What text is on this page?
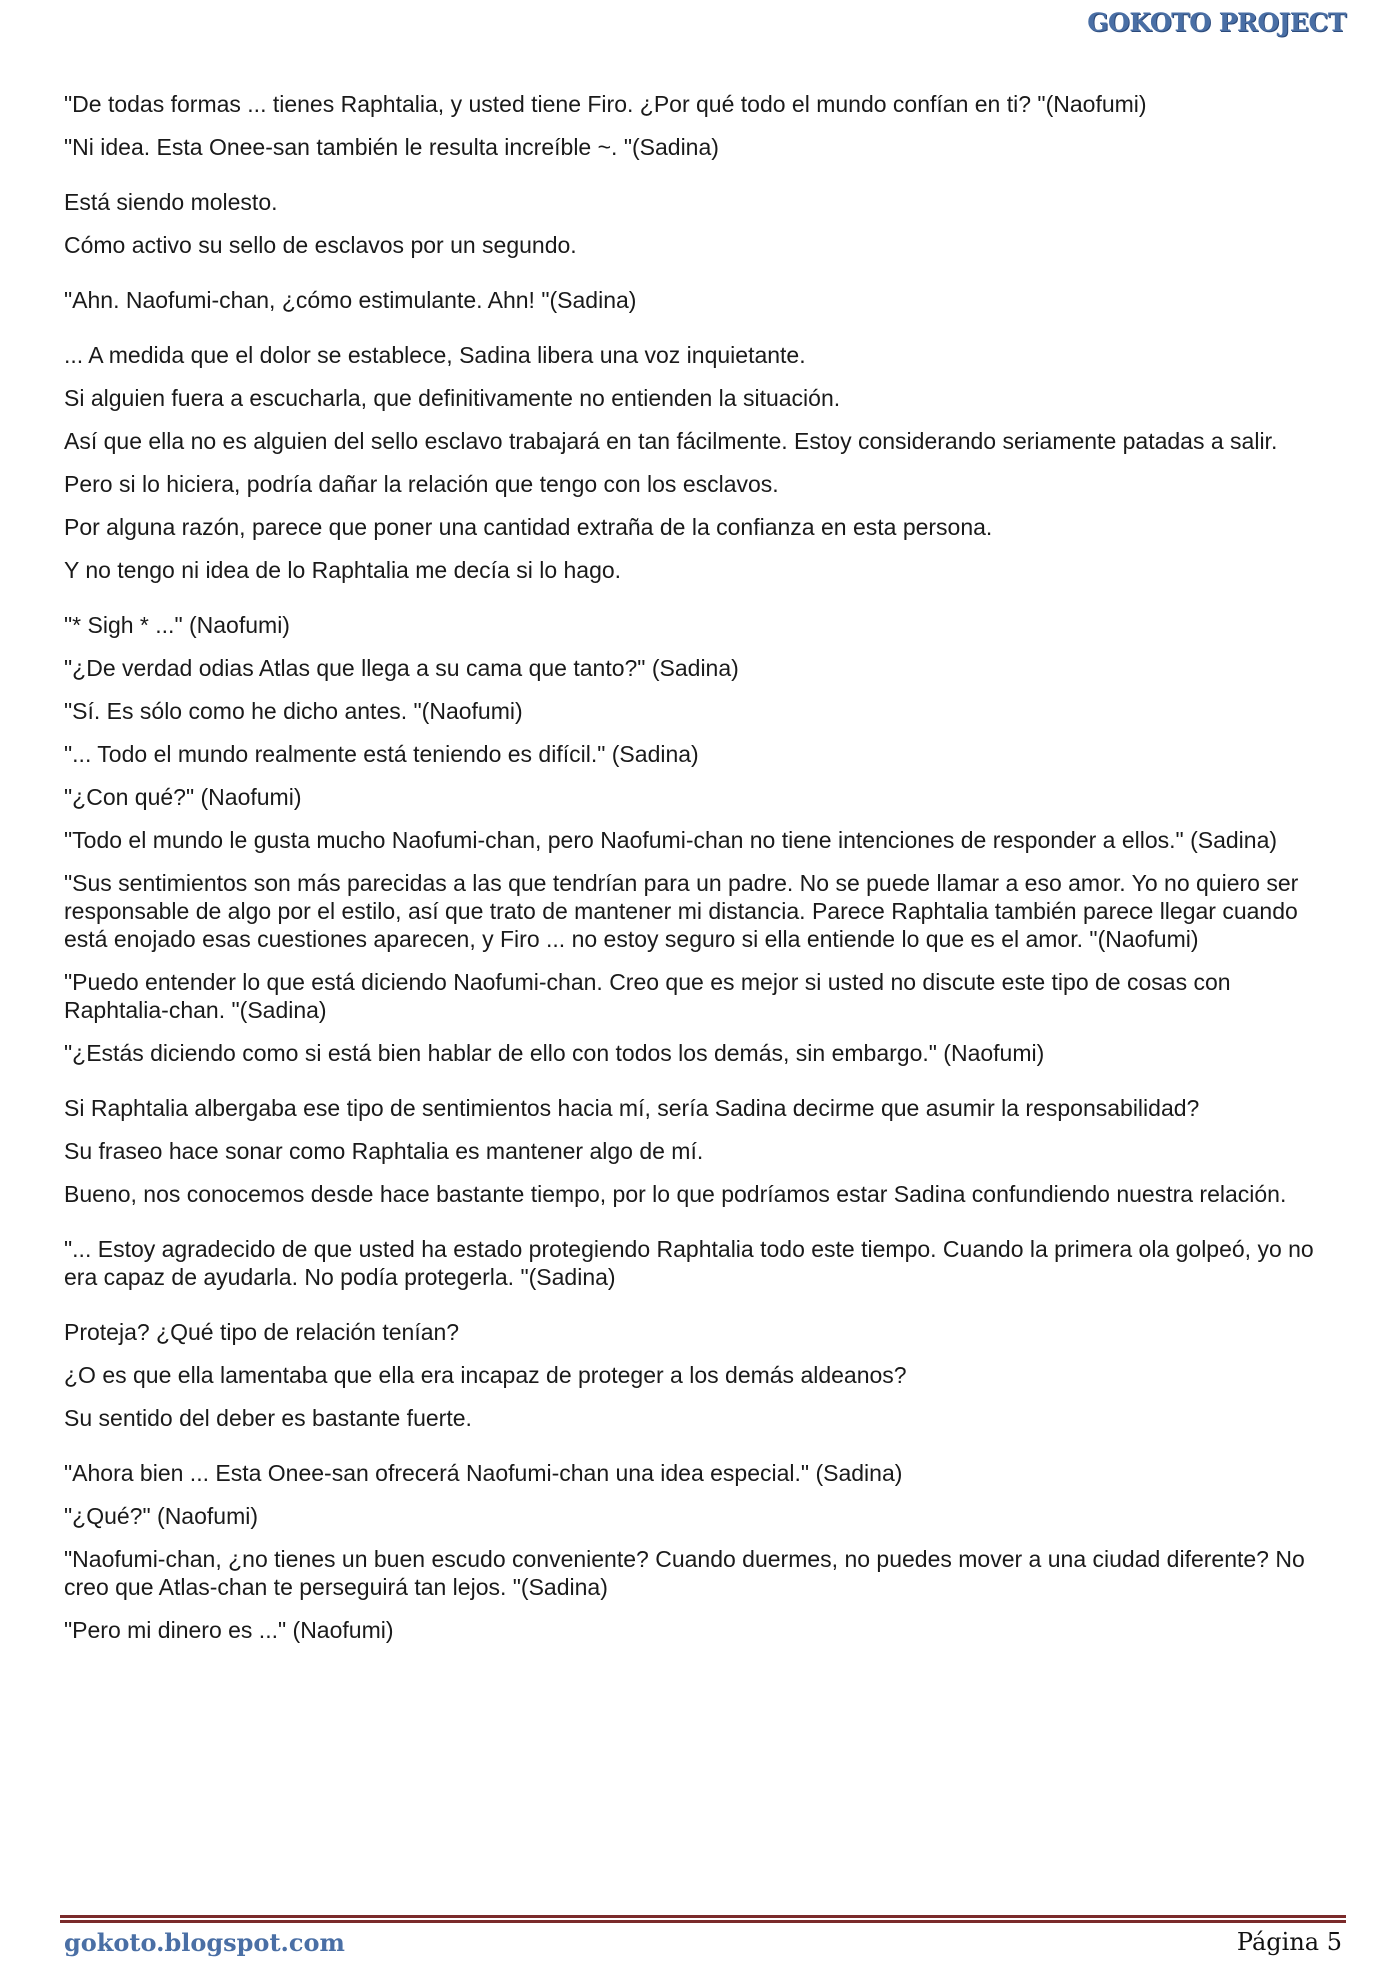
GOKOTO PROJECT

"De todas formas ... tienes Raphtalia, y usted tiene Firo. ¿Por qué todo el mundo confían en ti? "(Naofumi)

"Ni idea. Esta Onee-san también le resulta increíble ~. "(Sadina)

Está siendo molesto.

Cómo activo su sello de esclavos por un segundo.

"Ahn. Naofumi-chan, ¿cómo estimulante. Ahn! "(Sadina)

... A medida que el dolor se establece, Sadina libera una voz inquietante.

Si alguien fuera a escucharla, que definitivamente no entienden la situación.

Así que ella no es alguien del sello esclavo trabajará en tan fácilmente. Estoy considerando seriamente patadas a salir.

Pero si lo hiciera, podría dañar la relación que tengo con los esclavos.

Por alguna razón, parece que poner una cantidad extraña de la confianza en esta persona.

Y no tengo ni idea de lo Raphtalia me decía si lo hago.

"* Sigh * ..." (Naofumi)

"¿De verdad odias Atlas que llega a su cama que tanto?" (Sadina)

"Sí. Es sólo como he dicho antes. "(Naofumi)

"... Todo el mundo realmente está teniendo es difícil." (Sadina)

"¿Con qué?" (Naofumi)

"Todo el mundo le gusta mucho Naofumi-chan, pero Naofumi-chan no tiene intenciones de responder a ellos." (Sadina)

"Sus sentimientos son más parecidas a las que tendrían para un padre. No se puede llamar a eso amor. Yo no quiero ser responsable de algo por el estilo, así que trato de mantener mi distancia. Parece Raphtalia también parece llegar cuando está enojado esas cuestiones aparecen, y Firo ... no estoy seguro si ella entiende lo que es el amor. "(Naofumi)

"Puedo entender lo que está diciendo Naofumi-chan. Creo que es mejor si usted no discute este tipo de cosas con Raphtalia-chan. "(Sadina)

"¿Estás diciendo como si está bien hablar de ello con todos los demás, sin embargo." (Naofumi)

Si Raphtalia albergaba ese tipo de sentimientos hacia mí, sería Sadina decirme que asumir la responsabilidad?

Su fraseo hace sonar como Raphtalia es mantener algo de mí.

Bueno, nos conocemos desde hace bastante tiempo, por lo que podríamos estar Sadina confundiendo nuestra relación.

"... Estoy agradecido de que usted ha estado protegiendo Raphtalia todo este tiempo. Cuando la primera ola golpeó, yo no era capaz de ayudarla. No podía protegerla. "(Sadina)

Proteja? ¿Qué tipo de relación tenían?

¿O es que ella lamentaba que ella era incapaz de proteger a los demás aldeanos?

Su sentido del deber es bastante fuerte.

"Ahora bien ... Esta Onee-san ofrecerá Naofumi-chan una idea especial." (Sadina)

"¿Qué?" (Naofumi)

"Naofumi-chan, ¿no tienes un buen escudo conveniente? Cuando duermes, no puedes mover a una ciudad diferente? No creo que Atlas-chan te perseguirá tan lejos. "(Sadina)

"Pero mi dinero es ..." (Naofumi)

gokoto.blogspot.com	Página 5
